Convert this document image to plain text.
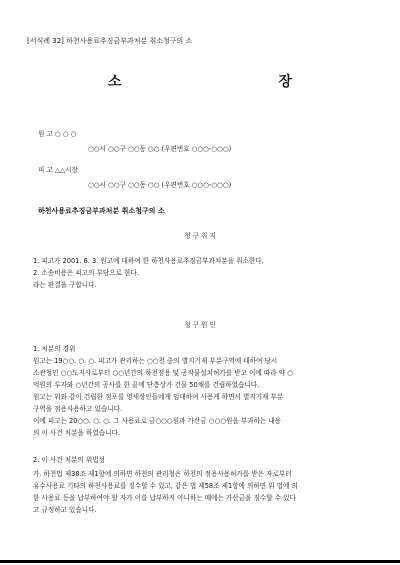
[서식례 32] 하천사용료추징금부과처분 취소청구의 소
소 장
원 고 ○ ○ ○
○○시 ○○구 ○○동 ○○ (우편번호 ○○○-○○○)
피 고 △△시장
○○시 ○○구 ○○동 ○○ (우편번호 ○○○-○○○)
하천사용료추징금부과처분 취소청구의 소
청 구 취 지
1. 피고가 2001. 6. 3. 원고에 대하여 한 하천사용료추징금부과처분을 취소한다.
2. 소송비용은 피고의 부담으로 한다.
라는 판결을 구합니다.
청 구 원 인
1. 처분의 경위
원고는 19○○. ○. ○. 피고가 관리하는 ○○천 중의 별지기재 부분구역에 대하여 당시
소관청인 ○○도지사로부터 ○○년간의 하천점용 및 공작물설치허가를 받고 이에 따라 약 ○
억원의 투자와 ○년간의 공사를 한 끝에 단층상가 건물 50채를 건립하였습니다.
원고는 위와 같이 건립한 점포를 영세상인들에게 임대하여 사용케 하면서 별지기재 부분
구역을 점용사용하고 있습니다.
이에 피고는 20○○. ○. ○. 그 사용료로 금○○○원과 가산금 ○○○원을 부과하는 내용
의 이 사건 처분을 하였습니다.
2. 이 사건 처분의 위법성
가. 하천법 제38조 제1항에 의하면 하천의 관리청은 하천의 점용사용허가를 받은 자로부터
유수사용료 기타의 하천사용료를 징수할 수 있고, 같은 법 제58조 제1항에 의하면 위 법에 의
한 사용료 등을 납부하여야 할 자가 이를 납부하지 아니하는 때에는 가산금을 징수할 수 있다
고 규정하고 있습니다.
